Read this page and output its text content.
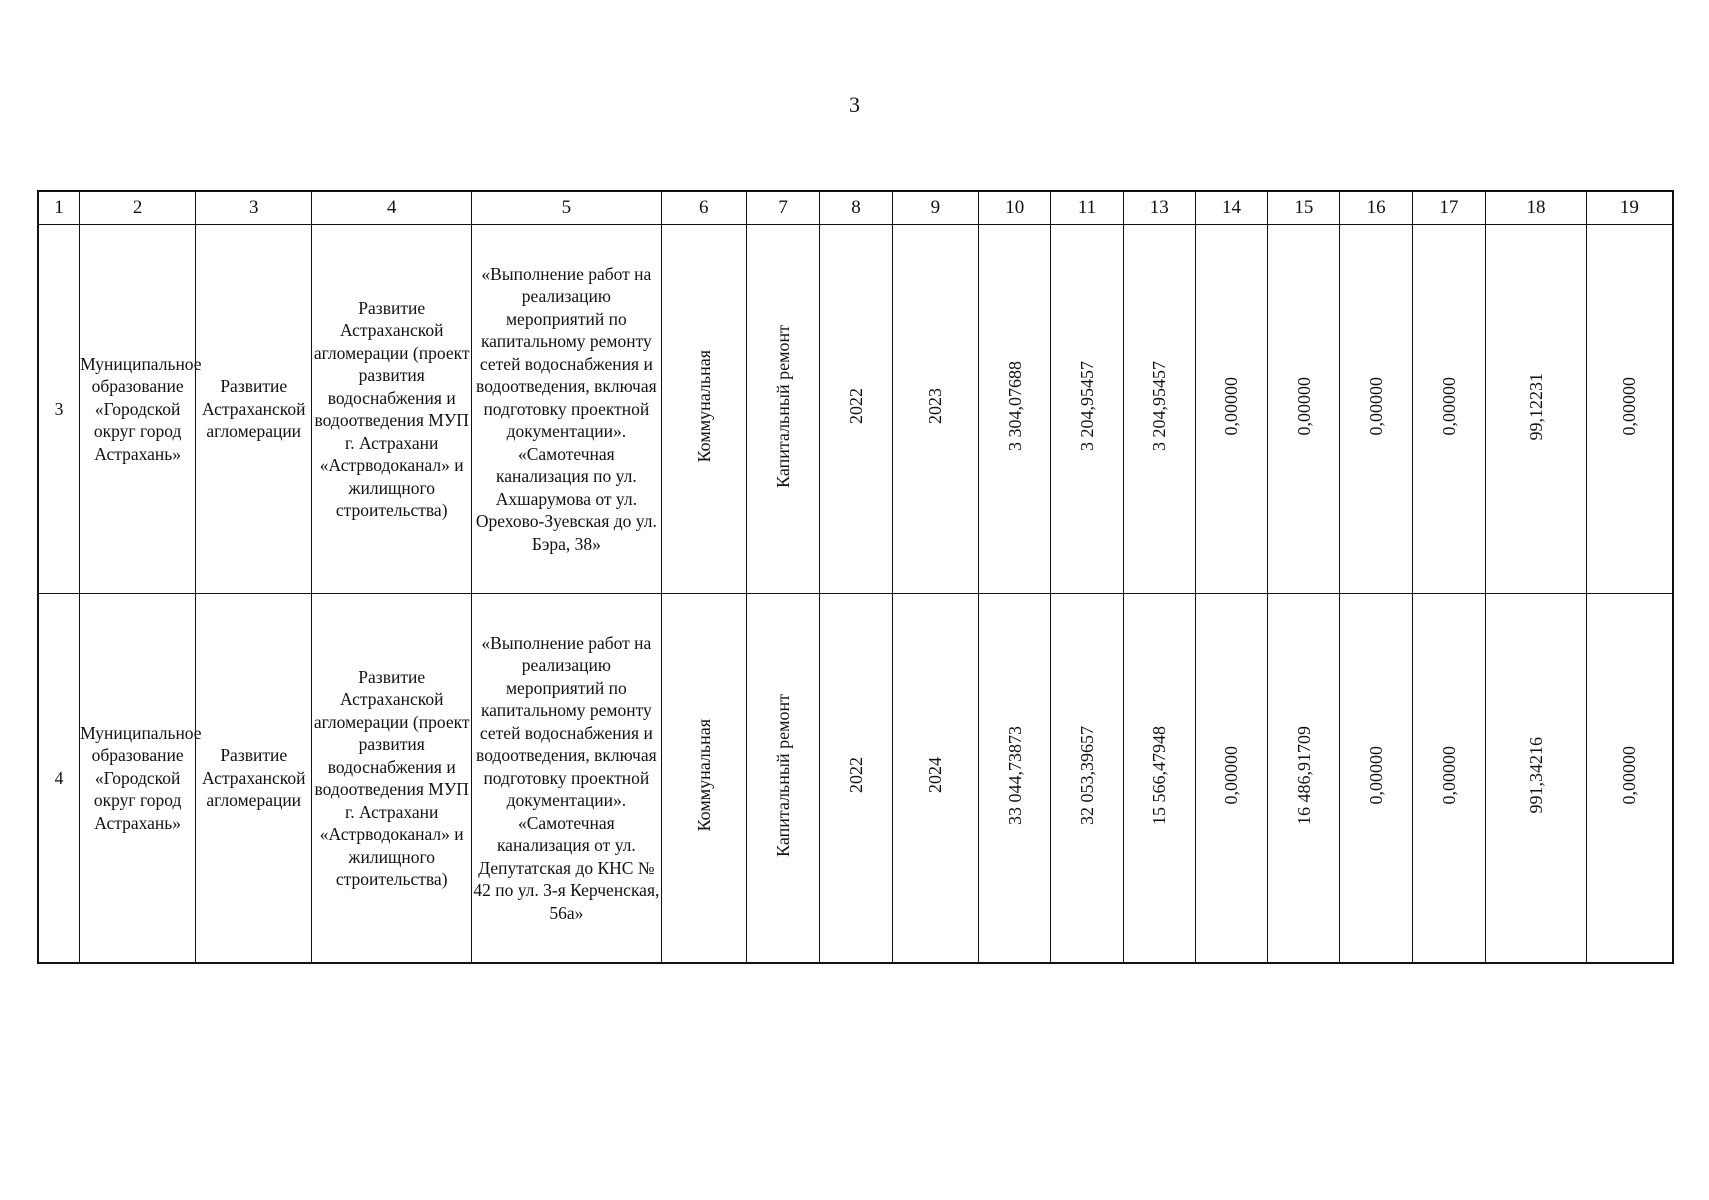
3
1	2	3	4	5	6	7	8	9	10	11	13	14	15	16	17	18	19
3	Муниципальное образование «Городской округ город Астрахань»	Развитие Астраханской агломерации	Развитие Астраханской агломерации (проект развития водоснабжения и водоотведения МУП г. Астрахани «Астрводоканал» и жилищного строительства)	«Выполнение работ на реализацию мероприятий по капитальному ремонту сетей водоснабжения и водоотведения, включая подготовку проектной документации». «Самотечная канализация по ул. Ахшарумова от ул. Орехово-Зуевская до ул. Бэра, 38»	Коммунальная	Капитальный ремонт	2022	2023	3 304,07688	3 204,95457	3 204,95457	0,00000	0,00000	0,00000	0,00000	99,12231	0,00000
4	Муниципальное образование «Городской округ город Астрахань»	Развитие Астраханской агломерации	Развитие Астраханской агломерации (проект развития водоснабжения и водоотведения МУП г. Астрахани «Астрводоканал» и жилищного строительства)	«Выполнение работ на реализацию мероприятий по капитальному ремонту сетей водоснабжения и водоотведения, включая подготовку проектной документации». «Самотечная канализация от ул. Депутатская до КНС № 42 по ул. 3-я Керченская, 56а»	Коммунальная	Капитальный ремонт	2022	2024	33 044,73873	32 053,39657	15 566,47948	0,00000	16 486,91709	0,00000	0,00000	991,34216	0,00000
